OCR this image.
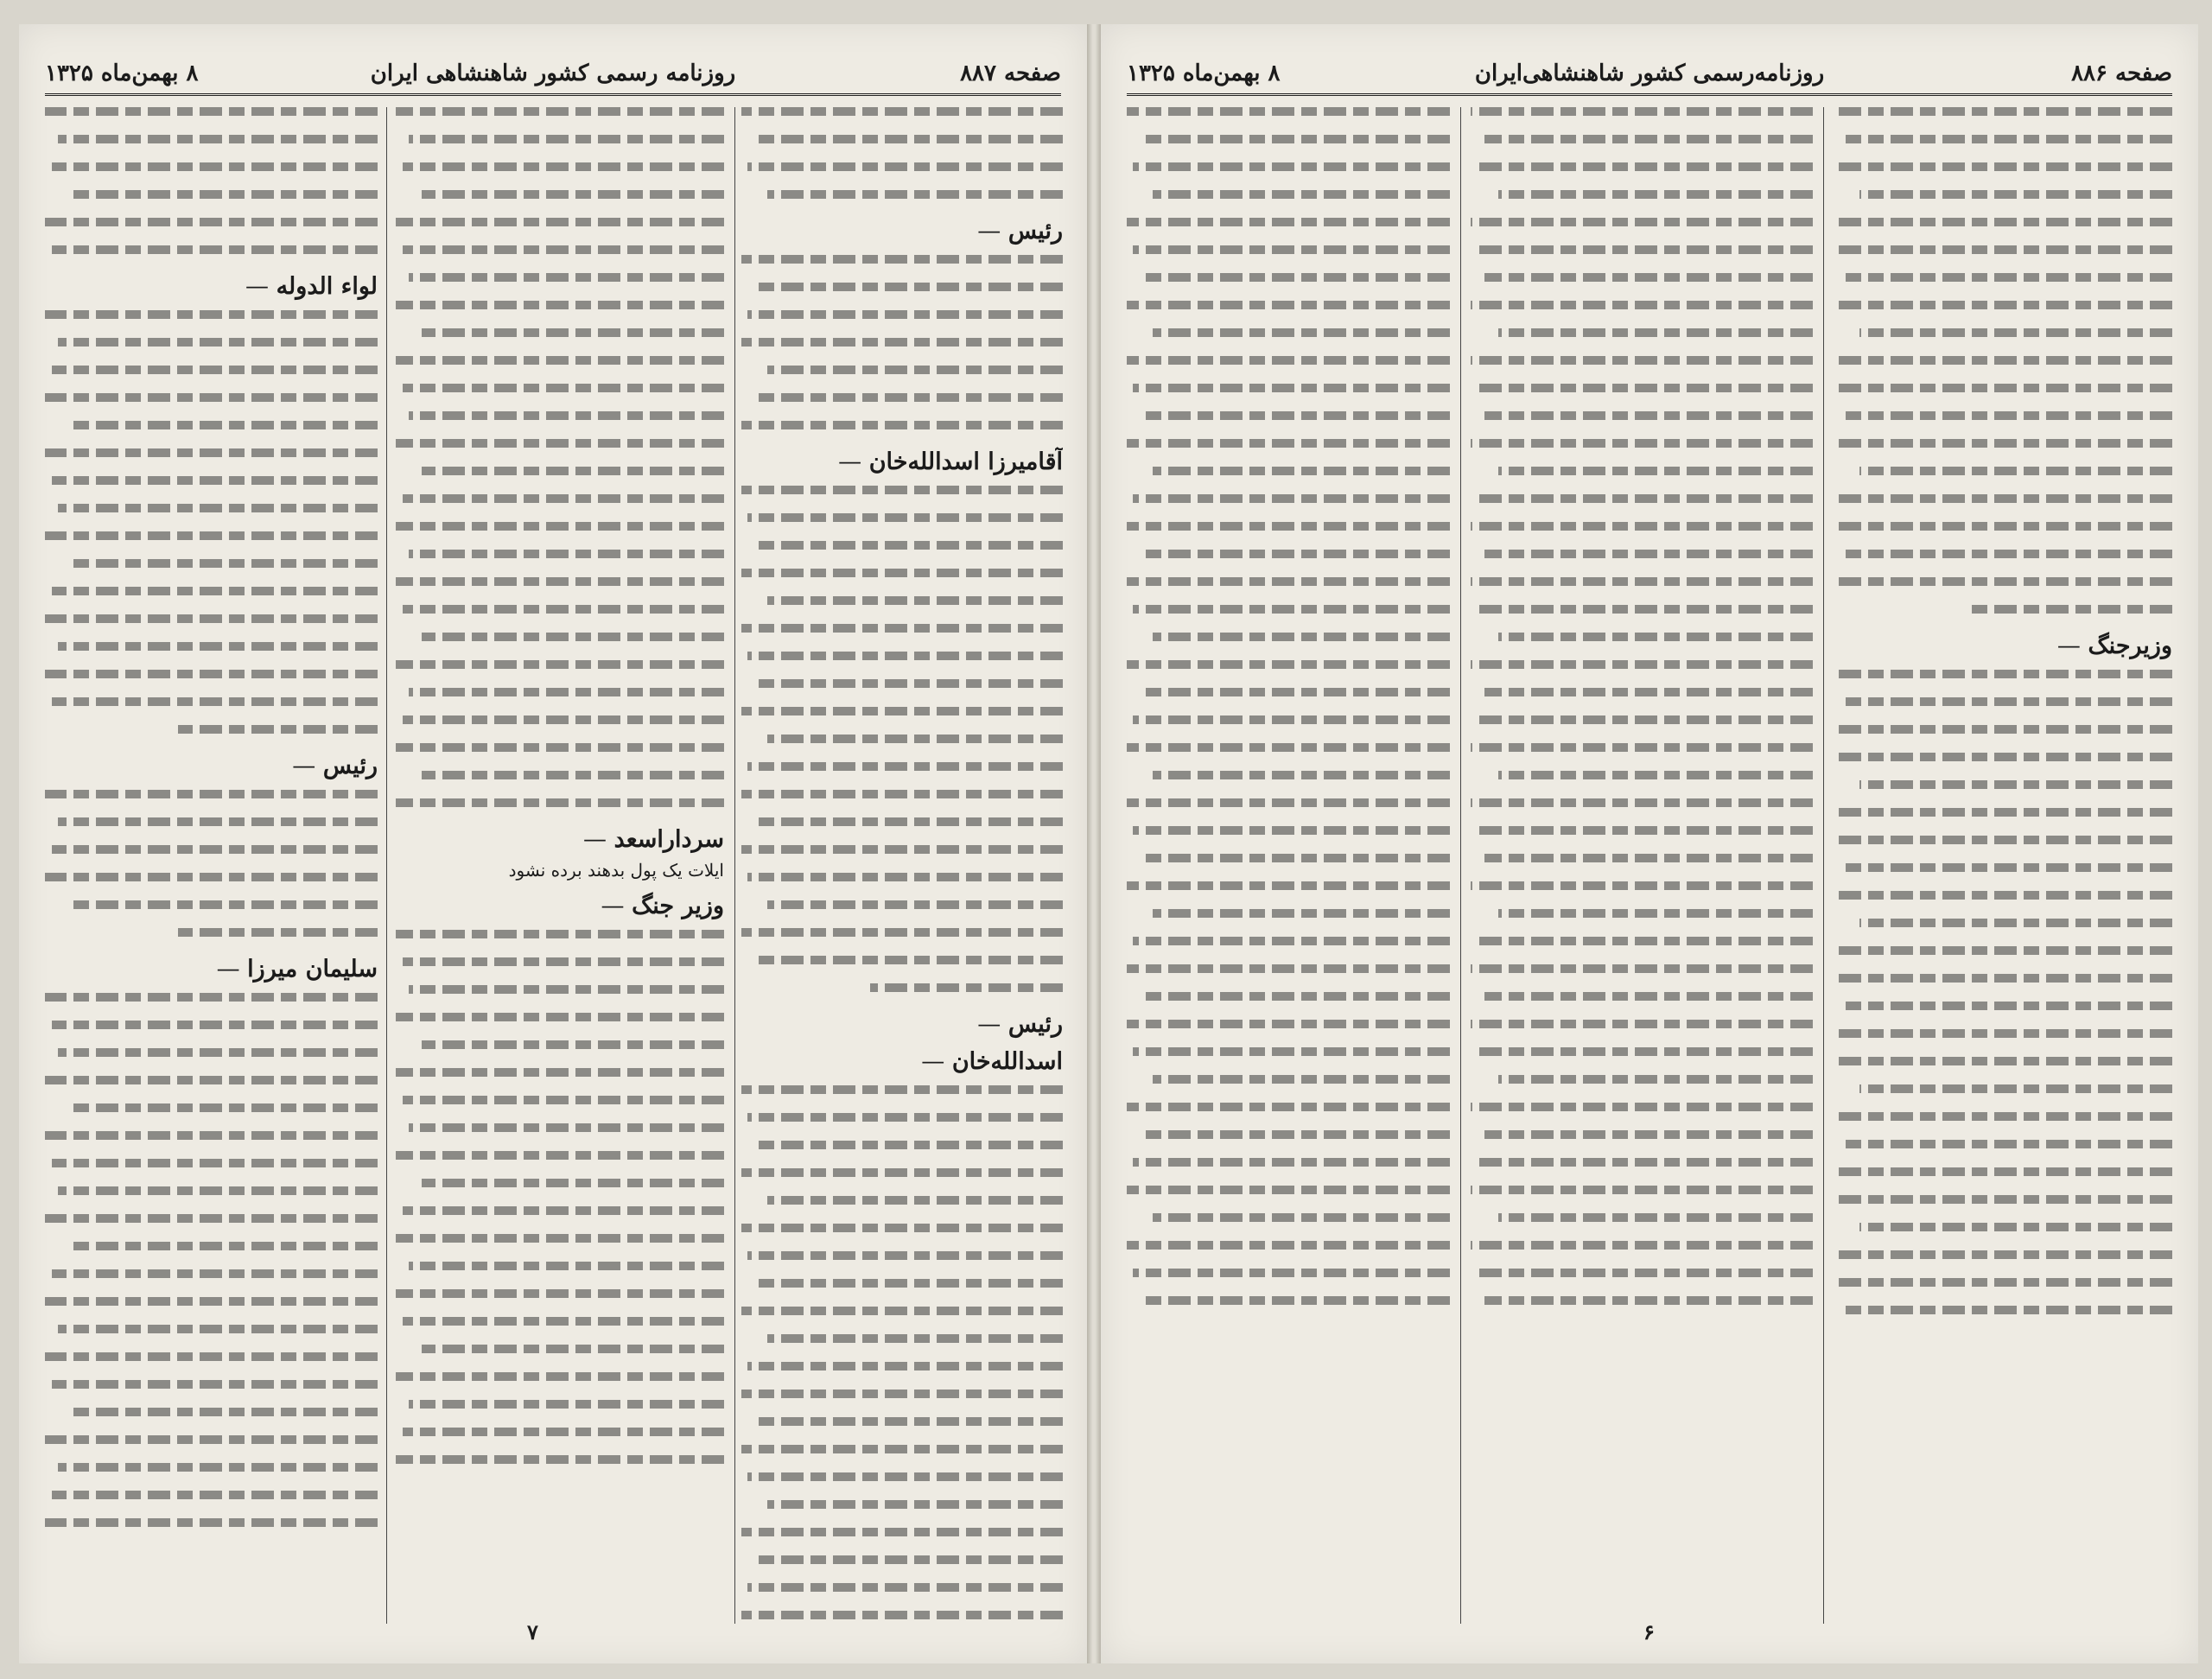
صفحه ۸۸۷
روزنامه رسمی کشور شاهنشاهی ایران
۸ بهمن‌ماه ۱۳۲۵
رئیس —
آقامیرزا اسدالله‌خان —
رئیس —
اسدالله‌خان —
سردار‌اسعد —
ایلات یک پول بدهند برده نشود
وزیر جنگ —
لواء الدوله —
رئیس —
سلیمان میرزا —
۷
صفحه ۸۸۶
روزنامه‌رسمی کشور شاهنشاهی‌ایران
۸ بهمن‌ماه ۱۳۲۵
وزیرجنگ —
۶
